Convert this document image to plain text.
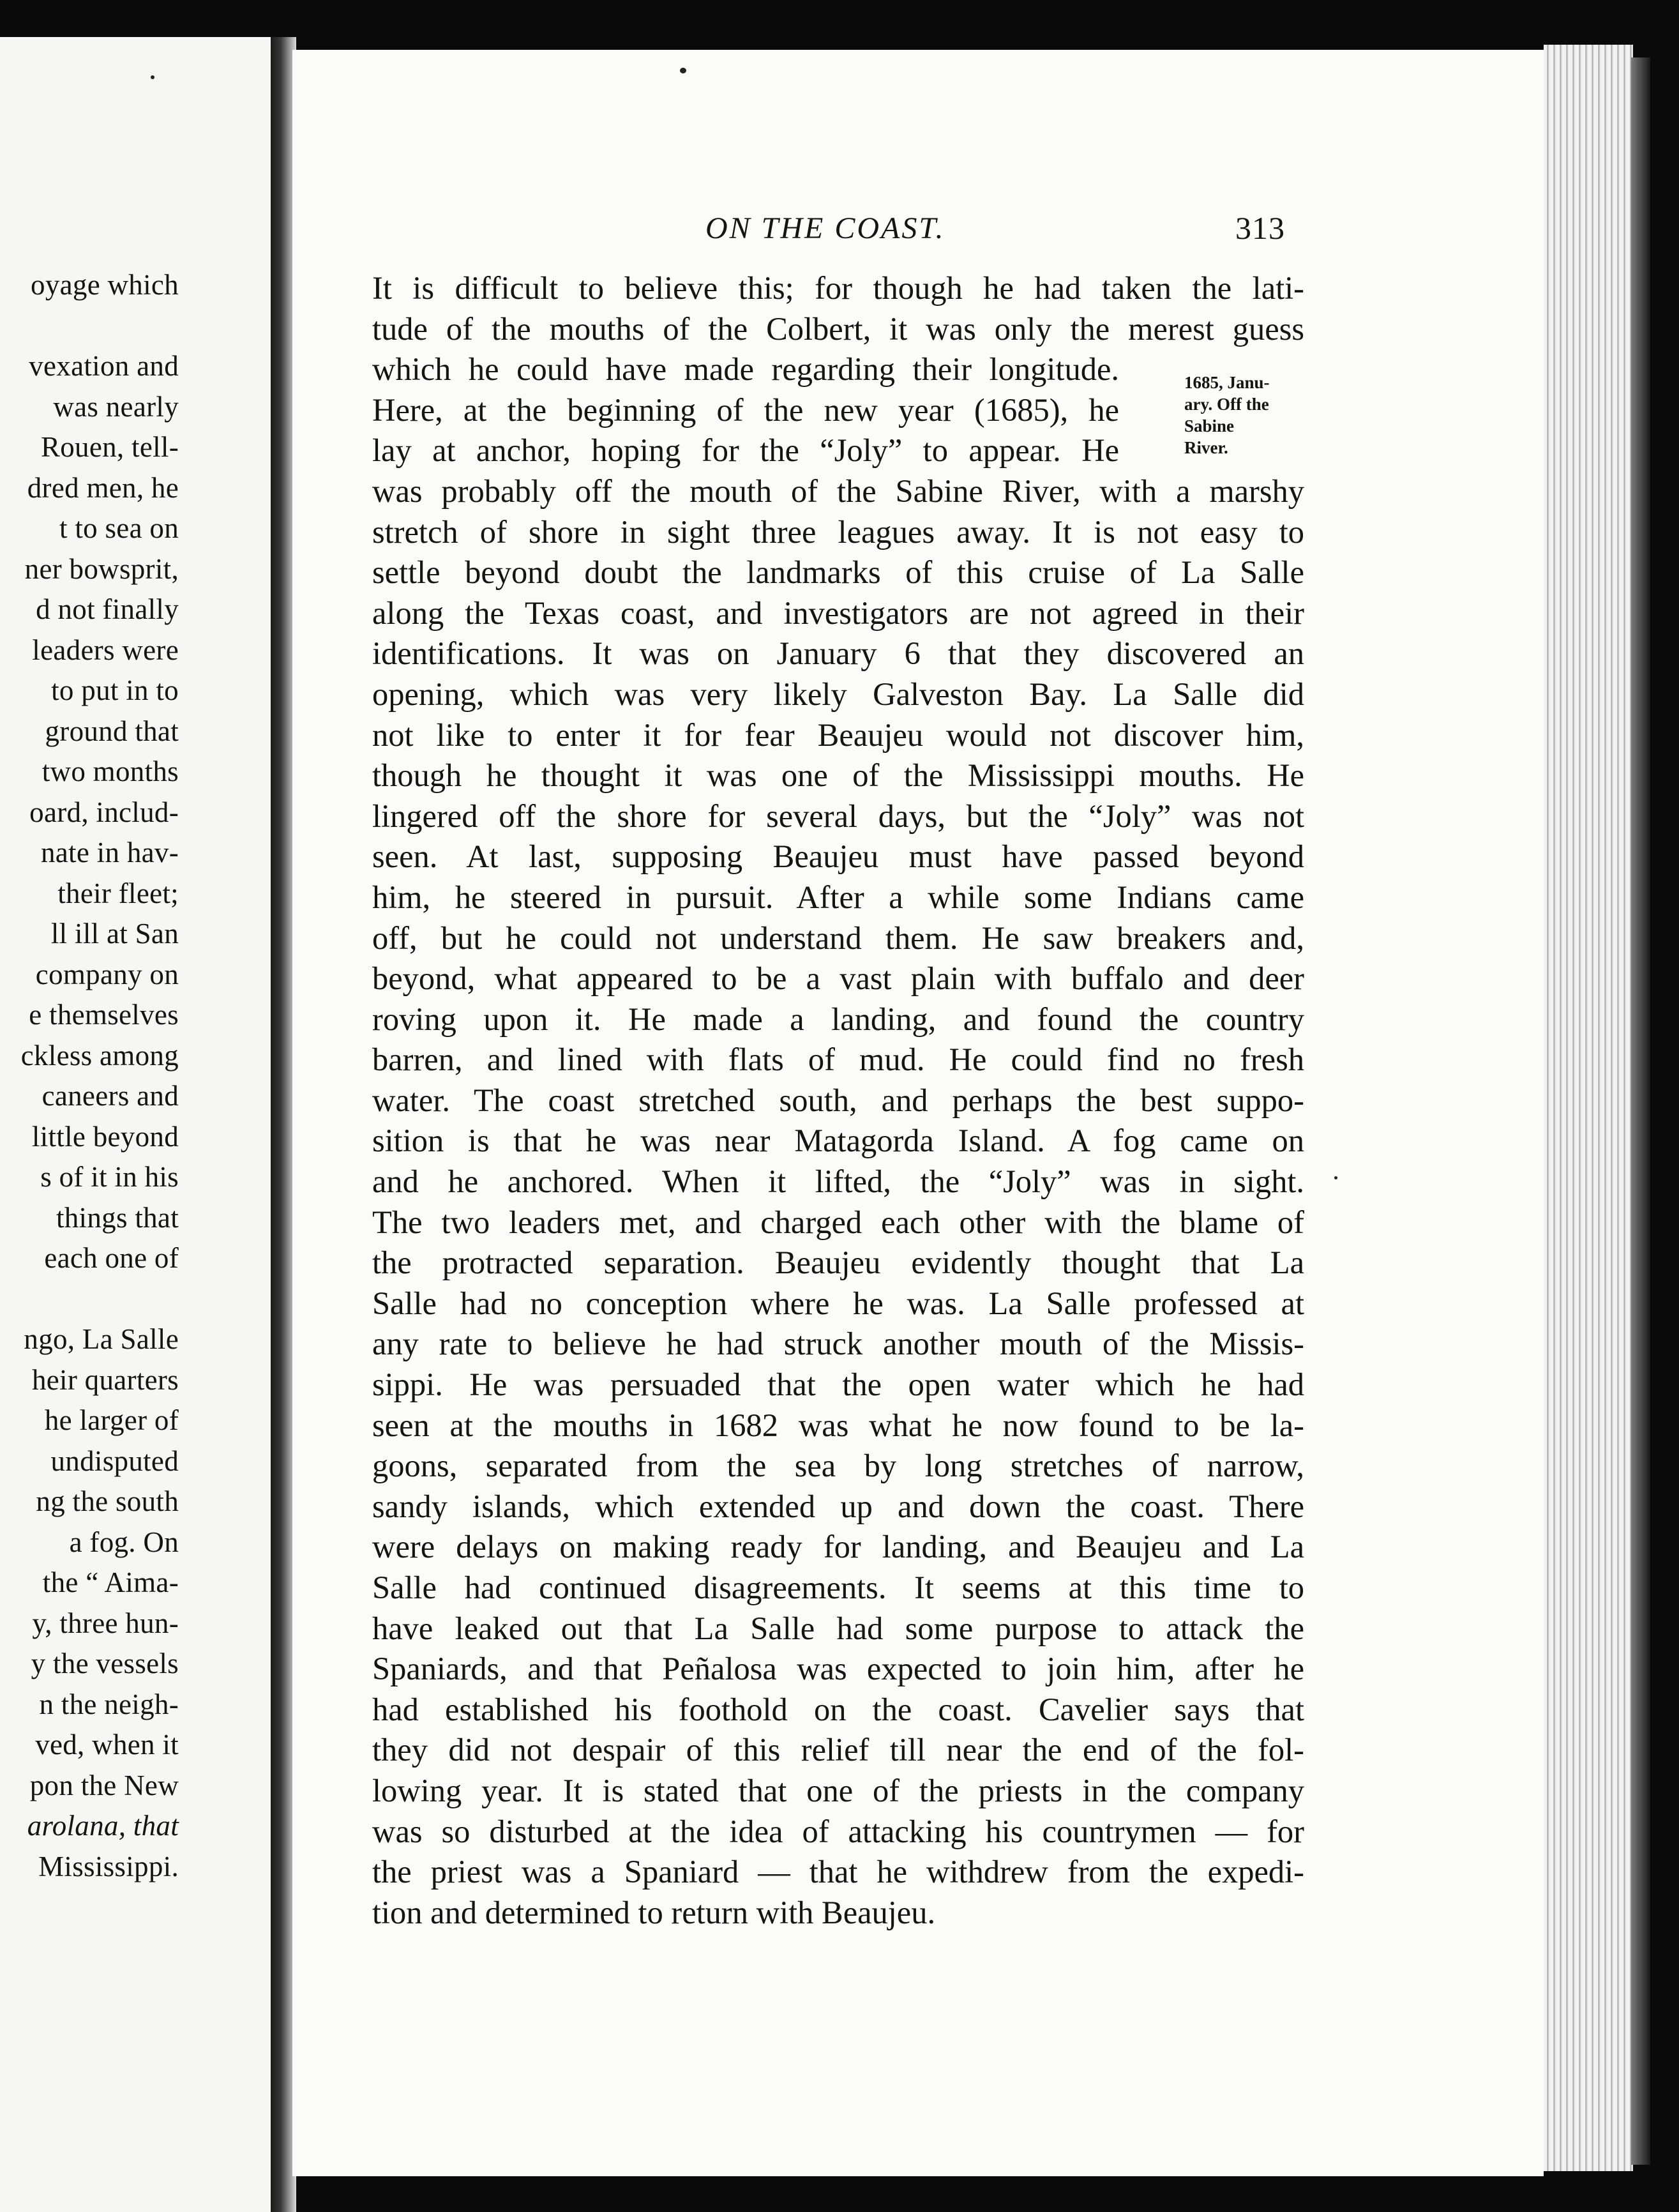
oyage which
vexation and
was nearly
Rouen, tell-
dred men, he
t to sea on
ner bowsprit,
d not finally
leaders were
to put in to
ground that
two months
oard, includ-
nate in hav-
their fleet;
ll ill at San
company on
e themselves
ckless among
caneers and
little beyond
s of it in his
things that
each one of
ngo, La Salle
heir quarters
he larger of
undisputed
ng the south
a fog. On
the “ Aima-
y, three hun-
y the vessels
n the neigh-
ved, when it
pon the New
arolana, that
Mississippi.
ON THE COAST.	313
1685, Janu-
ary. Off the
Sabine
River.
It is difficult to believe this; for though he had taken the lati-
tude of the mouths of the Colbert, it was only the merest guess
which he could have made regarding their longitude.
Here, at the beginning of the new year (1685), he
lay at anchor, hoping for the “Joly” to appear. He
was probably off the mouth of the Sabine River, with a marshy
stretch of shore in sight three leagues away. It is not easy to
settle beyond doubt the landmarks of this cruise of La Salle
along the Texas coast, and investigators are not agreed in their
identifications. It was on January 6 that they discovered an
opening, which was very likely Galveston Bay. La Salle did
not like to enter it for fear Beaujeu would not discover him,
though he thought it was one of the Mississippi mouths. He
lingered off the shore for several days, but the “Joly” was not
seen. At last, supposing Beaujeu must have passed beyond
him, he steered in pursuit. After a while some Indians came
off, but he could not understand them. He saw breakers and,
beyond, what appeared to be a vast plain with buffalo and deer
roving upon it. He made a landing, and found the country
barren, and lined with flats of mud. He could find no fresh
water. The coast stretched south, and perhaps the best suppo-
sition is that he was near Matagorda Island. A fog came on
and he anchored. When it lifted, the “Joly” was in sight.
The two leaders met, and charged each other with the blame of
the protracted separation. Beaujeu evidently thought that La
Salle had no conception where he was. La Salle professed at
any rate to believe he had struck another mouth of the Missis-
sippi. He was persuaded that the open water which he had
seen at the mouths in 1682 was what he now found to be la-
goons, separated from the sea by long stretches of narrow,
sandy islands, which extended up and down the coast. There
were delays on making ready for landing, and Beaujeu and La
Salle had continued disagreements. It seems at this time to
have leaked out that La Salle had some purpose to attack the
Spaniards, and that Peñalosa was expected to join him, after he
had established his foothold on the coast. Cavelier says that
they did not despair of this relief till near the end of the fol-
lowing year. It is stated that one of the priests in the company
was so disturbed at the idea of attacking his countrymen — for
the priest was a Spaniard — that he withdrew from the expedi-
tion and determined to return with Beaujeu.
